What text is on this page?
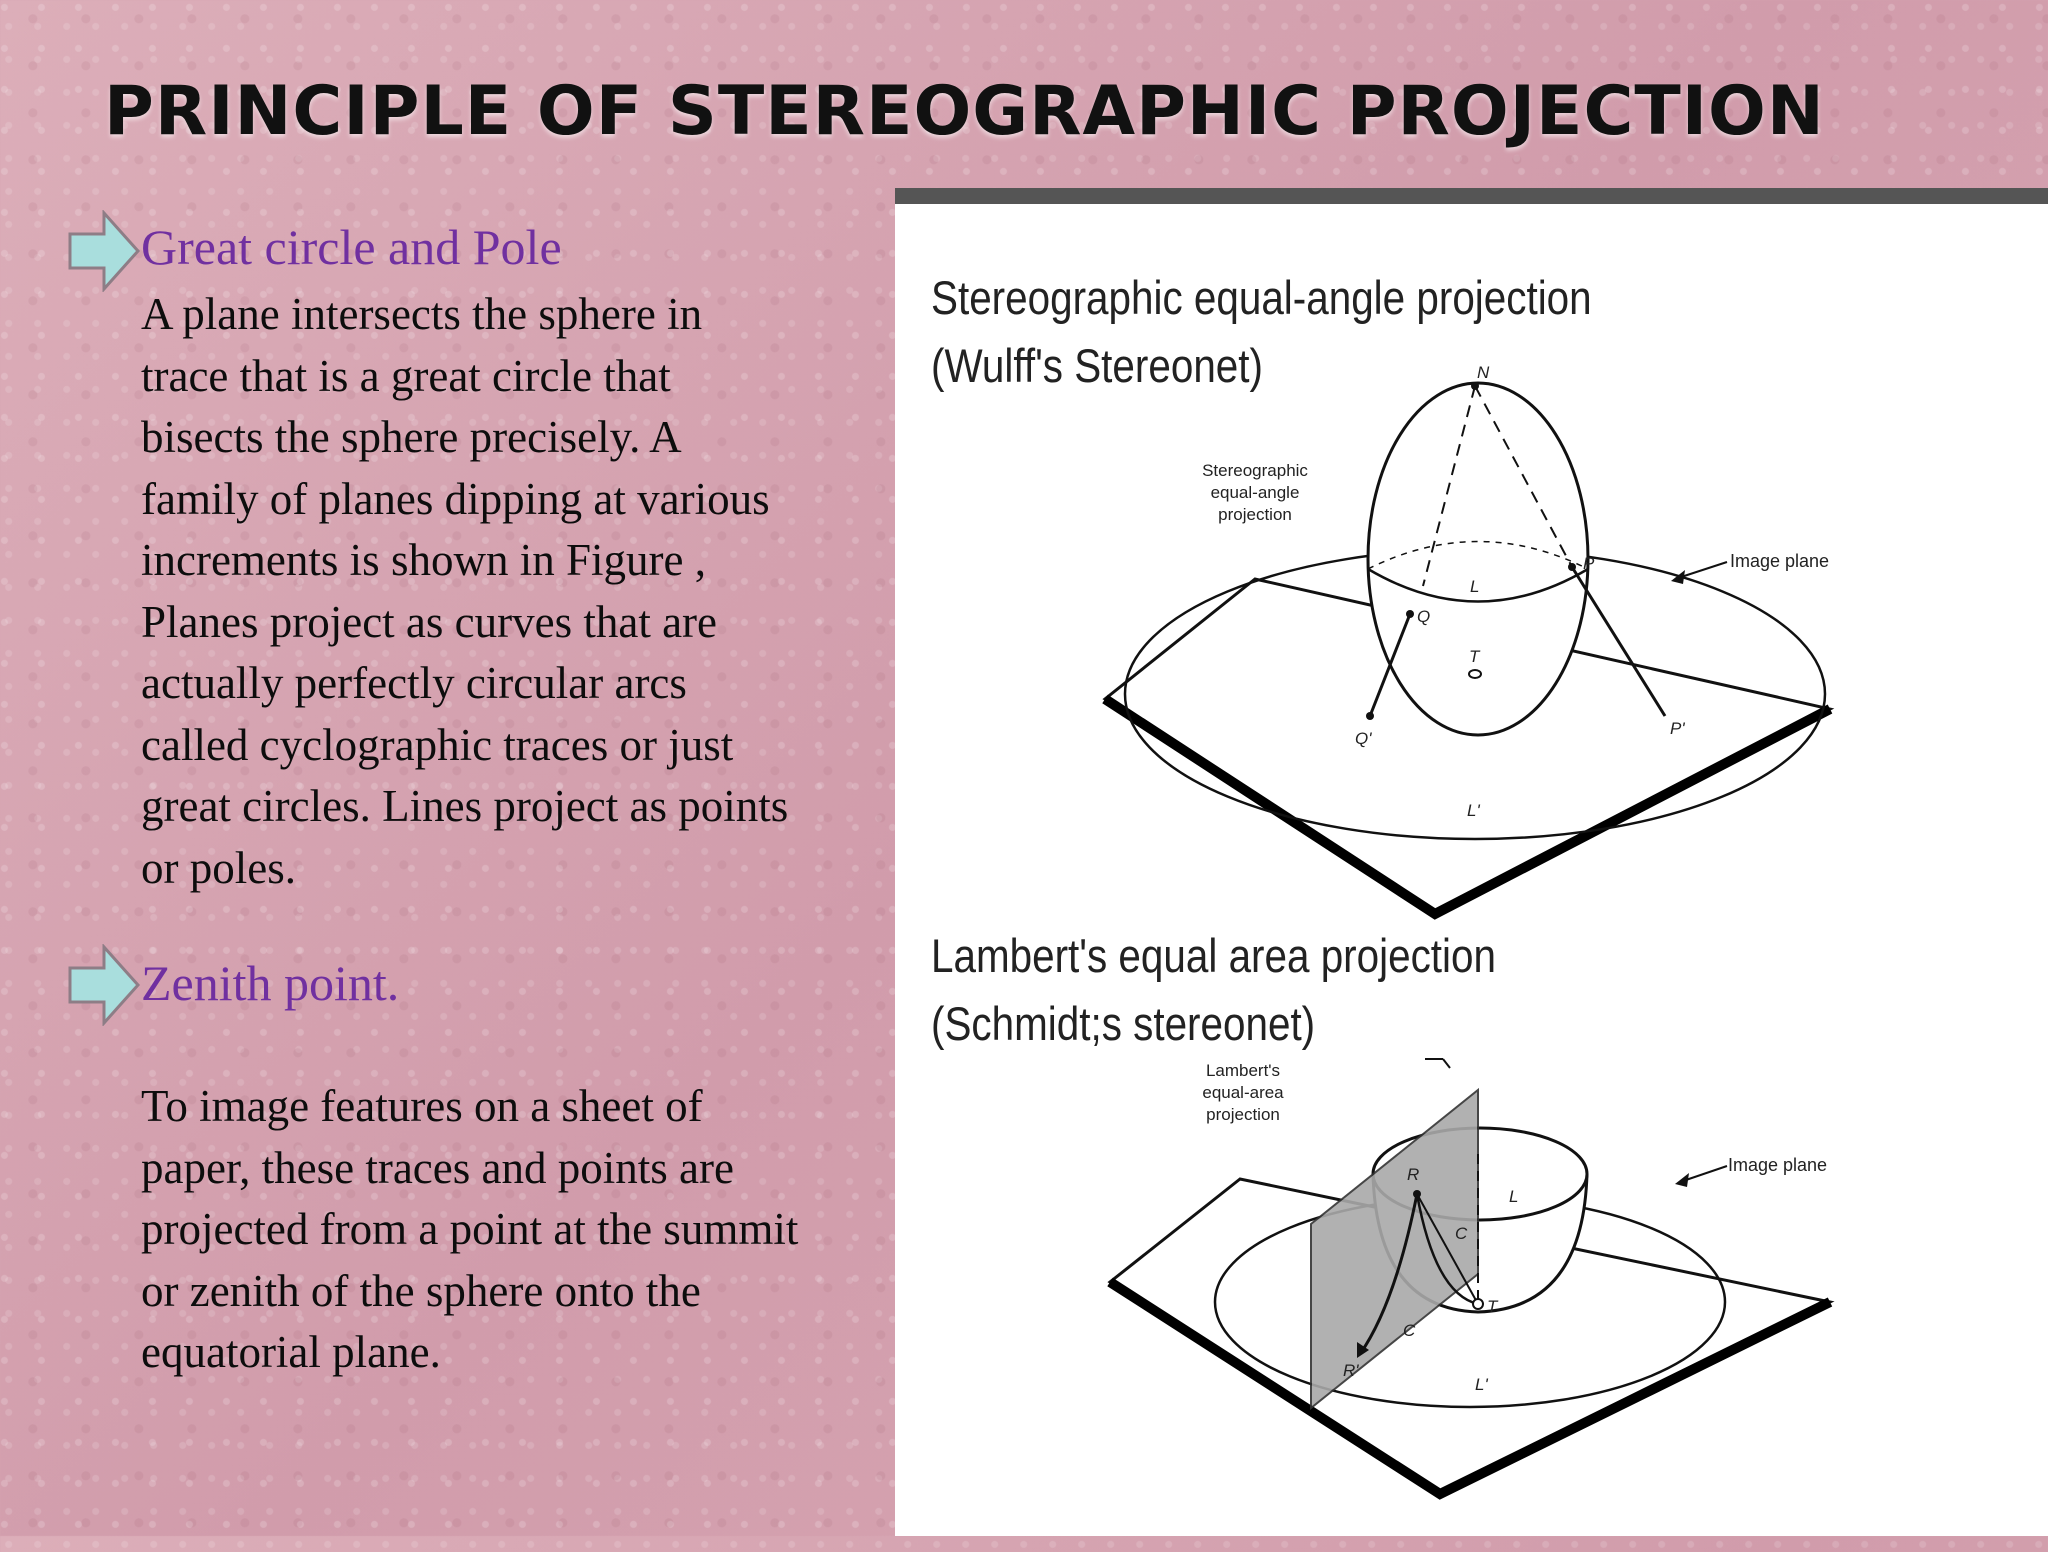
PRINCIPLE OF STEREOGRAPHIC PROJECTION
Great circle and Pole

A plane intersects the sphere in
trace that is a great circle that
bisects the sphere precisely. A
family of planes dipping at various
increments is shown in Figure ,
Planes project as curves that are
actually perfectly circular arcs
called cyclographic traces or just
great circles. Lines project as points
or poles.

Zenith point.

To image features on a sheet of
paper, these traces and points are
projected from a point at the summit
or zenith of the sphere onto the
equatorial plane.

Stereographic equal-angle projection
(Wulff's Stereonet)	N
P
P'
L
Q
Q'
T
L'
Stereographic
equal-angle
projection
Image plane
Lambert's equal area projection
(Schmidt;s stereonet)
R
L
C
T
C
R'
L'
Lambert's
equal-area
projection
Image plane
